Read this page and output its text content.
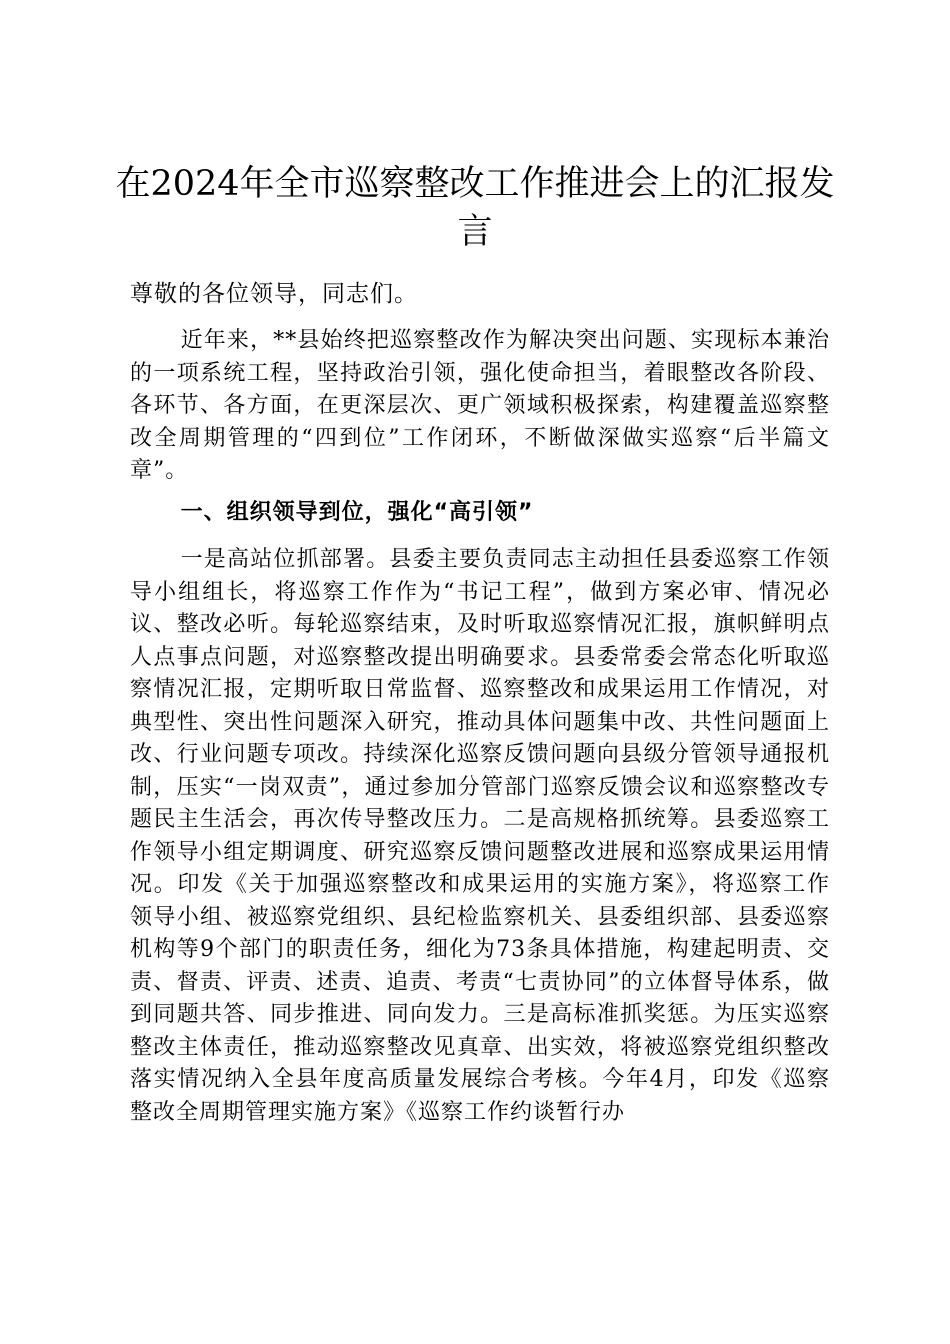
在2024年全市巡察整改工作推进会上的汇报发言

尊敬的各位领导，同志们。

近年来，**县始终把巡察整改作为解决突出问题、实现标本兼治的一项系统工程，坚持政治引领，强化使命担当，着眼整改各阶段、各环节、各方面，在更深层次、更广领域积极探索，构建覆盖巡察整改全周期管理的“四到位”工作闭环，不断做深做实巡察“后半篇文章”。

一、组织领导到位，强化“高引领”

一是高站位抓部署。县委主要负责同志主动担任县委巡察工作领导小组组长，将巡察工作作为“书记工程”，做到方案必审、情况必议、整改必听。每轮巡察结束，及时听取巡察情况汇报，旗帜鲜明点人点事点问题，对巡察整改提出明确要求。县委常委会常态化听取巡察情况汇报，定期听取日常监督、巡察整改和成果运用工作情况，对典型性、突出性问题深入研究，推动具体问题集中改、共性问题面上改、行业问题专项改。持续深化巡察反馈问题向县级分管领导通报机制，压实“一岗双责”，通过参加分管部门巡察反馈会议和巡察整改专题民主生活会，再次传导整改压力。二是高规格抓统筹。县委巡察工作领导小组定期调度、研究巡察反馈问题整改进展和巡察成果运用情况。印发《关于加强巡察整改和成果运用的实施方案》，将巡察工作领导小组、被巡察党组织、县纪检监察机关、县委组织部、县委巡察机构等9个部门的职责任务，细化为73条具体措施，构建起明责、交责、督责、评责、述责、追责、考责“七责协同”的立体督导体系，做到同题共答、同步推进、同向发力。三是高标准抓奖惩。为压实巡察整改主体责任，推动巡察整改见真章、出实效，将被巡察党组织整改落实情况纳入全县年度高质量发展综合考核。今年4月，印发《巡察整改全周期管理实施方案》《巡察工作约谈暂行办
